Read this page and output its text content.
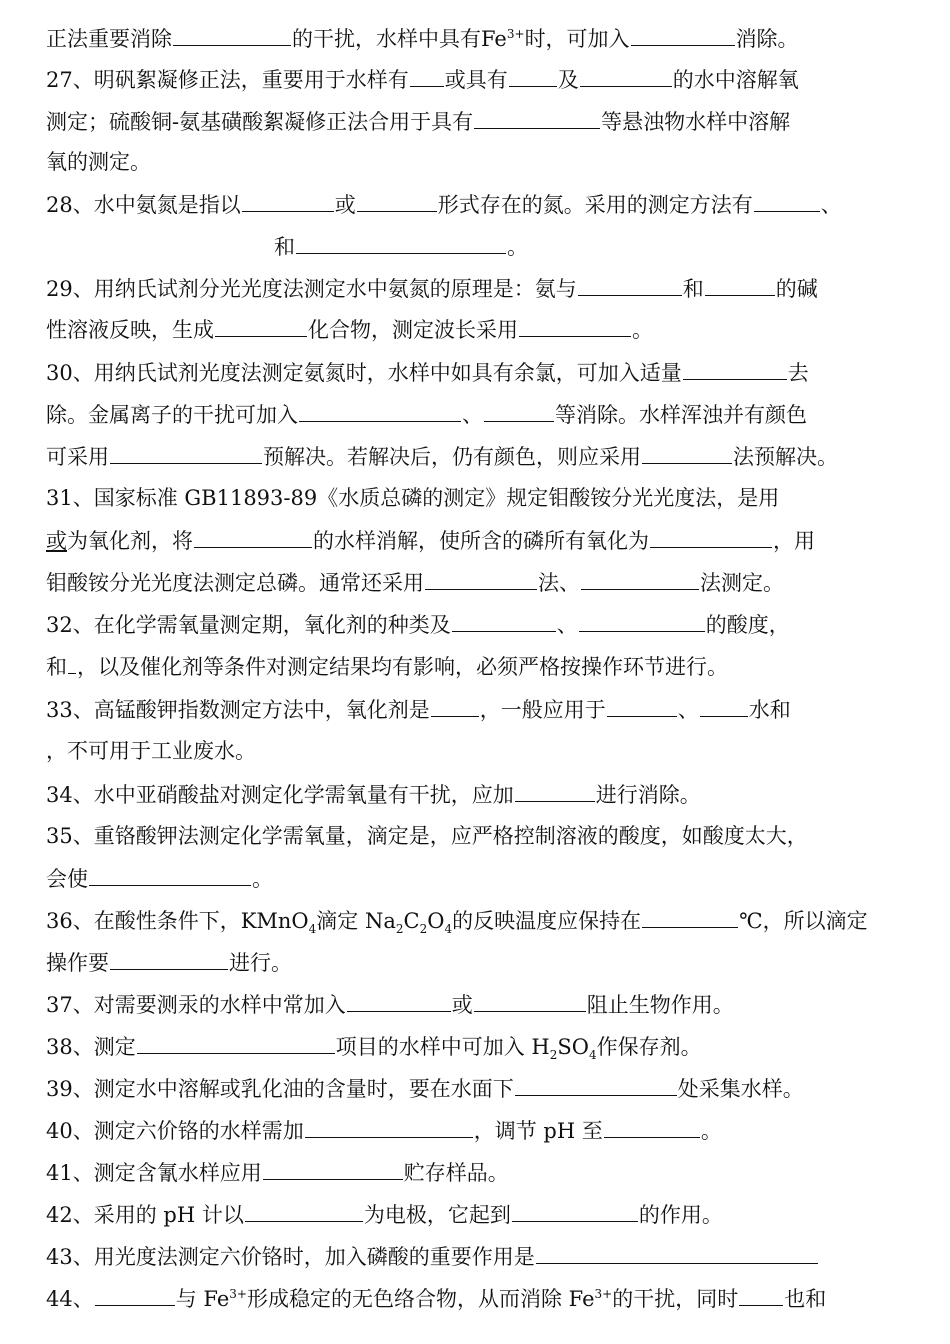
正法重要消除	的干扰，水样中具有$Fe^{3+}$时，可加入	消除。
27、明矾絮凝修正法，重要用于水样有 或具有 及	的水中溶解氧
测定；硫酸铜-氨基磺酸絮凝修正法合用于具有	等悬浊物水样中溶解
氧的测定。
28、水中氨氮是指以	或	形式存在的氮。采用的测定方法有	、
和	。
29、用纳氏试剂分光光度法测定水中氨氮的原理是：氨与	和	的碱
性溶液反映，生成	化合物，测定波长采用	。
30、用纳氏试剂光度法测定氨氮时，水样中如具有余氯，可加入适量	去
除。金属离子的干扰可加入	、	等消除。水样浑浊并有颜色
可采用	预解决。若解决后，仍有颜色，则应采用	法预解决。
31、国家标准 GB11893-89《水质总磷的测定》规定钼酸铵分光光度法，是用
或为氧化剂，将	的水样消解，使所含的磷所有氧化为	，用
钼酸铵分光光度法测定总磷。通常还采用	法、	法测定。
32、在化学需氧量测定期，氧化剂的种类及	、	的酸度，
和 ，以及催化剂等条件对测定结果均有影响，必须严格按操作环节进行。
33、高锰酸钾指数测定方法中，氧化剂是 ，一般应用于	、 水和
，不可用于工业废水。
34、水中亚硝酸盐对测定化学需氧量有干扰，应加	进行消除。
35、重铬酸钾法测定化学需氧量，滴定是，应严格控制溶液的酸度，如酸度太大，
会使	。
36、在酸性条件下，KMnO$_4$滴定 $Na_2C_2O_4$的反映温度应保持在	℃，所以滴定
操作要	进行。
37、对需要测汞的水样中常加入	或	阻止生物作用。
38、测定	项目的水样中可加入 $H_2SO_4$作保存剂。
39、测定水中溶解或乳化油的含量时，要在水面下	处采集水样。
40、测定六价铬的水样需加	，调节 pH 至	。
41、测定含氰水样应用	贮存样品。
42、采用的 pH 计以	为电极，它起到	的作用。
43、用光度法测定六价铬时，加入磷酸的重要作用是
44、	与 $Fe^{3+}$形成稳定的无色络合物，从而消除 $Fe^{3+}$的干扰，同时 也和
